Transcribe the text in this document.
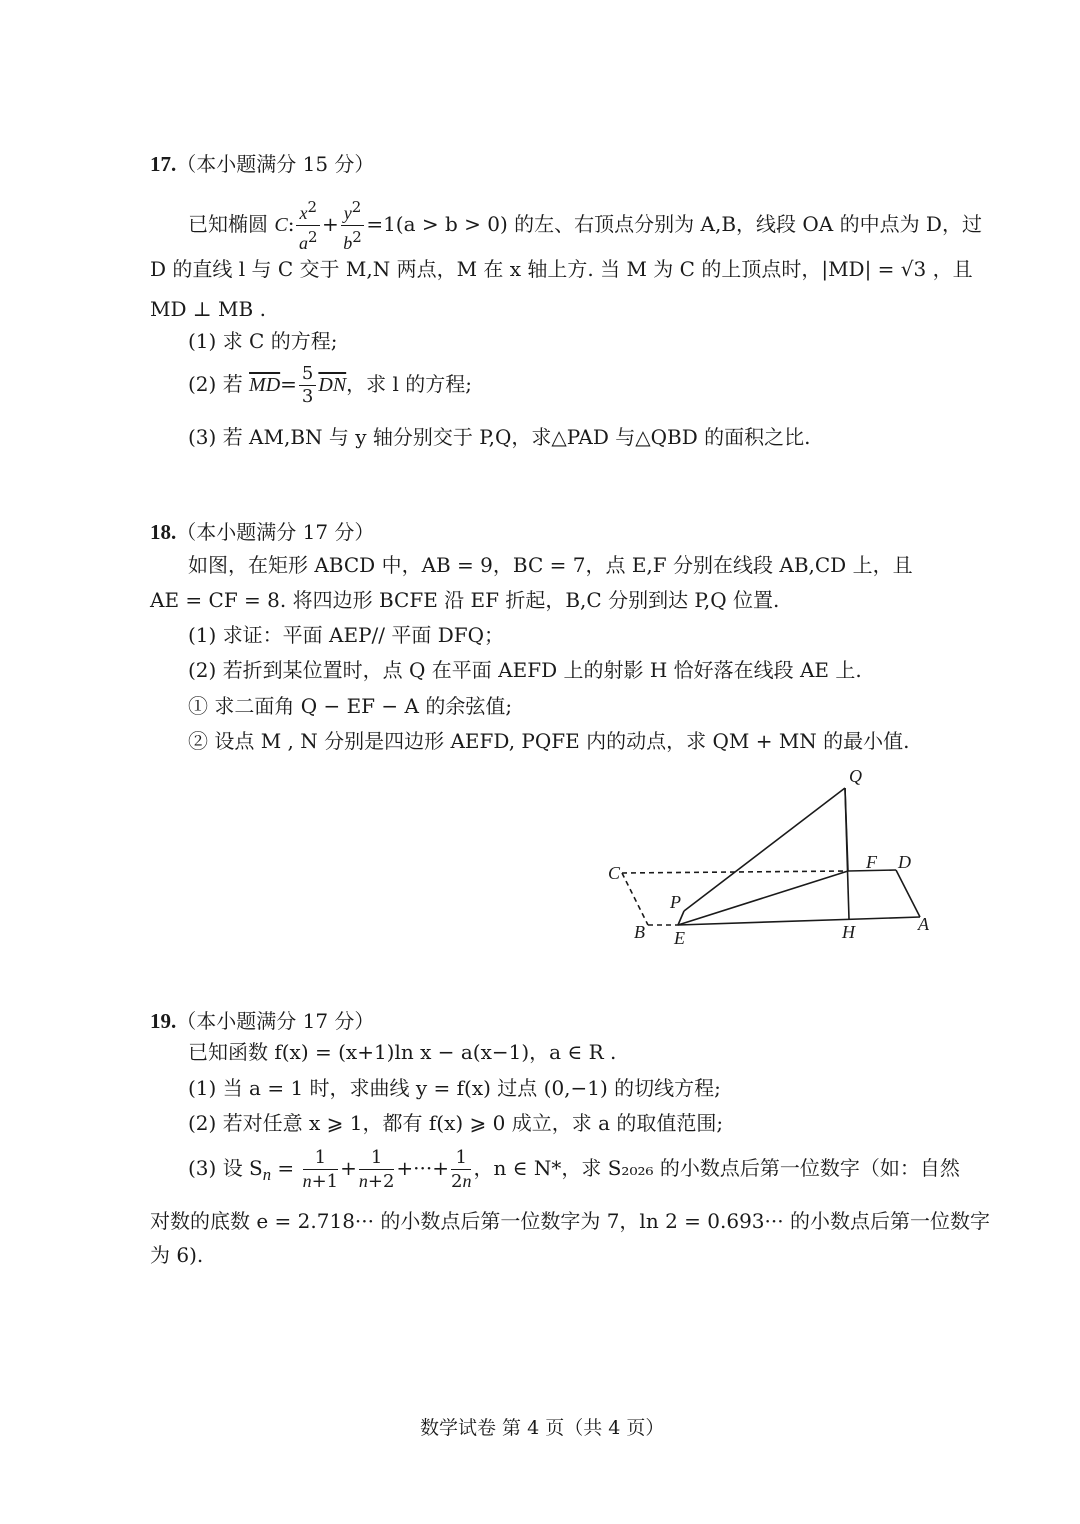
17.（本小题满分 15 分）
已知椭圆 C: $\frac{x^2}{a^2} + \frac{y^2}{b^2} =1(a > b > 0)$ 的左、右顶点分别为 A,B，线段 OA 的中点为 D，过
D 的直线 l 与 C 交于 M,N 两点，M 在 x 轴上方. 当 M 为 C 的上顶点时，|MD| = √3 ，且
MD ⊥ MB .
(1) 求 C 的方程;
(2) 若 $\overline{MD}= \frac{5}{3} \overline{DN}$，求 l 的方程;
(3) 若 AM,BN 与 y 轴分别交于 P,Q，求△PAD 与△QBD 的面积之比.
18.（本小题满分 17 分）
如图，在矩形 ABCD 中，AB = 9，BC = 7，点 E,F 分别在线段 AB,CD 上，且
AE = CF = 8. 将四边形 BCFE 沿 EF 折起，B,C 分别到达 P,Q 位置.
(1) 求证：平面 AEP// 平面 DFQ；
(2) 若折到某位置时，点 Q 在平面 AEFD 上的射影 H 恰好落在线段 AE 上.
① 求二面角 Q − EF − A 的余弦值;
② 设点 M , N 分别是四边形 AEFD, PQFE 内的动点，求 QM + MN 的最小值.
Q
F D
C
P
B E	H	A
19.（本小题满分 17 分）
已知函数 f(x) = (x+1)ln x − a(x−1)，a ∈ R .
(1) 当 a = 1 时，求曲线 y = f(x) 过点 (0,−1) 的切线方程;
(2) 若对任意 x ⩾ 1，都有 f(x) ⩾ 0 成立，求 a 的取值范围;
(3) 设 $S_n = \frac{1}{n+1} + \frac{1}{n+2}$ +···+ $\frac{1}{2n}$ ，n ∈ N*，求 S₂₀₂₆ 的小数点后第一位数字（如：自然
对数的底数 e = 2.718··· 的小数点后第一位数字为 7，ln 2 = 0.693··· 的小数点后第一位数字
为 6).
数学试卷 第 4 页（共 4 页）
